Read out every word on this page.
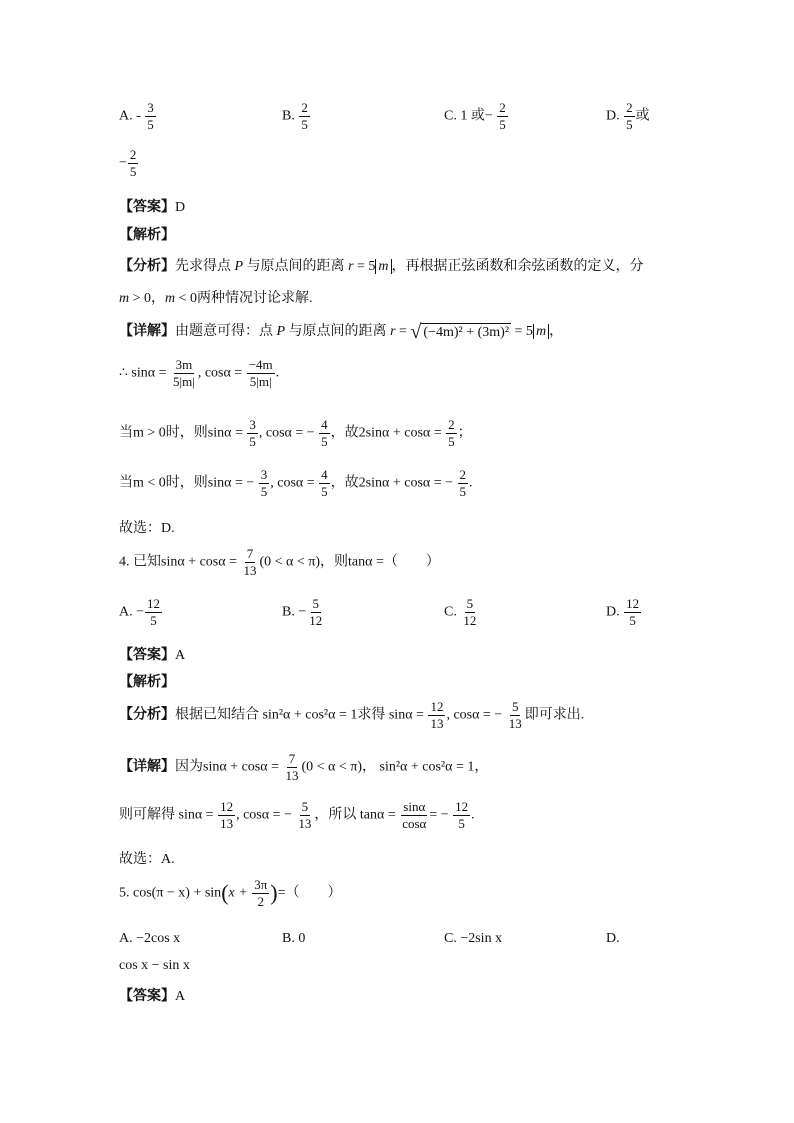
A. - $\frac{3}{5}$	B. $\frac{2}{5}$	C. 1 或− $\frac{2}{5}$	D. $\frac{2}{5}$ 或
− $\frac{2}{5}$
【答案】D
【解析】
【分析】先求得点 P 与原点间的距离 r = 5 m ，再根据正弦函数和余弦函数的定义，分
m > 0，m < 0两种情况讨论求解.
【详解】由题意可得：点 P 与原点间的距离 r = √ (−4m)² + (3m)² = 5 m ，
∴ $\sin\alpha = \frac{3m}{5|m|}$ , $\cos\alpha = \frac{-4m}{5|m|}$ .
当m > 0时，则$\sin\alpha = \frac{3}{5}$ , cosα = − $\frac{4}{5}$ ，故$2\sin\alpha + \cos\alpha = \frac{2}{5}$ ；
当m < 0时，则sinα = − $\frac{3}{5}$ , $\cos\alpha = \frac{4}{5}$ ，故2sinα + cosα = − $\frac{2}{5}$ .
故选：D.
4. 已知$\sin\alpha + \cos\alpha = \frac{7}{13} (0 < \alpha < \pi)$，则tanα =（　　）
A. − $\frac{12}{5}$	B. − $\frac{5}{12}$	C. $\frac{5}{12}$	D. $\frac{12}{5}$
【答案】A
【解析】
【分析】根据已知结合 sin²α + cos²α = 1求得 $\sin\alpha = \frac{12}{13}$ , cosα = − $\frac{5}{13}$ 即可求出.
【详解】因为$\sin\alpha + \cos\alpha = \frac{7}{13} (0 < \alpha < \pi)$， sin²α + cos²α = 1，
则可解得 $\sin\alpha = \frac{12}{13}$ , cosα = − $\frac{5}{13}$ ，所以 $\tan\alpha = \frac{\sin\alpha}{\cos\alpha}$ = − $\frac{12}{5}$ .
故选：A.
5. $\cos(\pi - x) + \sin(x + \frac{3\pi}{2}$ )=（　　）
A. −2cos x	B. 0	C. −2sin x	D.
cos x − sin x
【答案】A
